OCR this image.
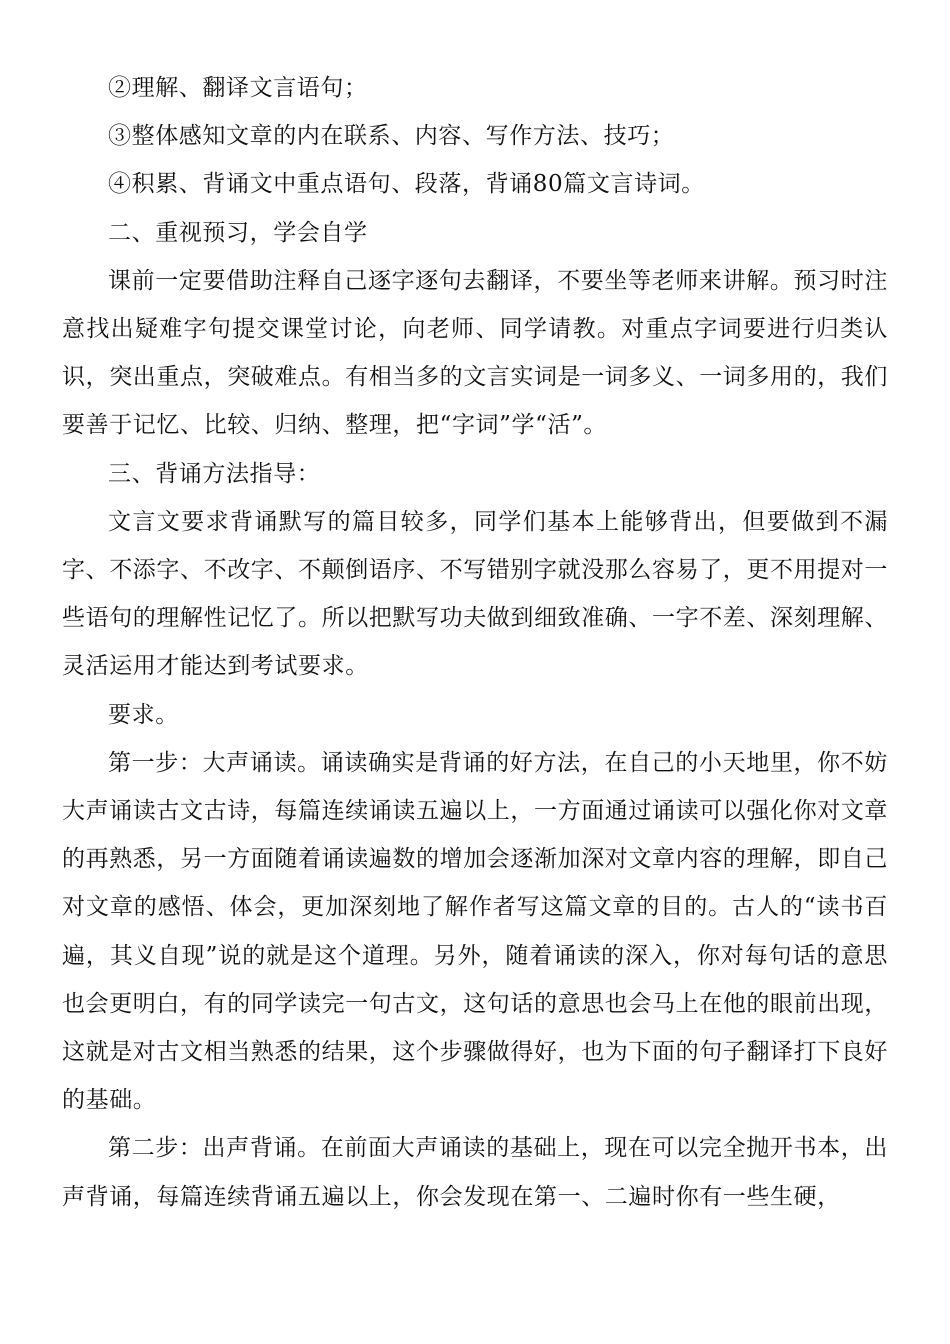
②理解、翻译文言语句；

③整体感知文章的内在联系、内容、写作方法、技巧；

④积累、背诵文中重点语句、段落，背诵80篇文言诗词。

二、重视预习，学会自学

课前一定要借助注释自己逐字逐句去翻译，不要坐等老师来讲解。预习时注意找出疑难字句提交课堂讨论，向老师、同学请教。对重点字词要进行归类认识，突出重点，突破难点。有相当多的文言实词是一词多义、一词多用的，我们要善于记忆、比较、归纳、整理，把“字词”学“活”。

三、背诵方法指导：

文言文要求背诵默写的篇目较多，同学们基本上能够背出，但要做到不漏字、不添字、不改字、不颠倒语序、不写错别字就没那么容易了，更不用提对一些语句的理解性记忆了。所以把默写功夫做到细致准确、一字不差、深刻理解、灵活运用才能达到考试要求。

要求。

第一步：大声诵读。诵读确实是背诵的好方法，在自己的小天地里，你不妨大声诵读古文古诗，每篇连续诵读五遍以上，一方面通过诵读可以强化你对文章的再熟悉，另一方面随着诵读遍数的增加会逐渐加深对文章内容的理解，即自己对文章的感悟、体会，更加深刻地了解作者写这篇文章的目的。古人的“读书百遍，其义自现”说的就是这个道理。另外，随着诵读的深入，你对每句话的意思也会更明白，有的同学读完一句古文，这句话的意思也会马上在他的眼前出现，这就是对古文相当熟悉的结果，这个步骤做得好，也为下面的句子翻译打下良好的基础。

第二步：出声背诵。在前面大声诵读的基础上，现在可以完全抛开书本，出声背诵，每篇连续背诵五遍以上，你会发现在第一、二遍时你有一些生硬，
